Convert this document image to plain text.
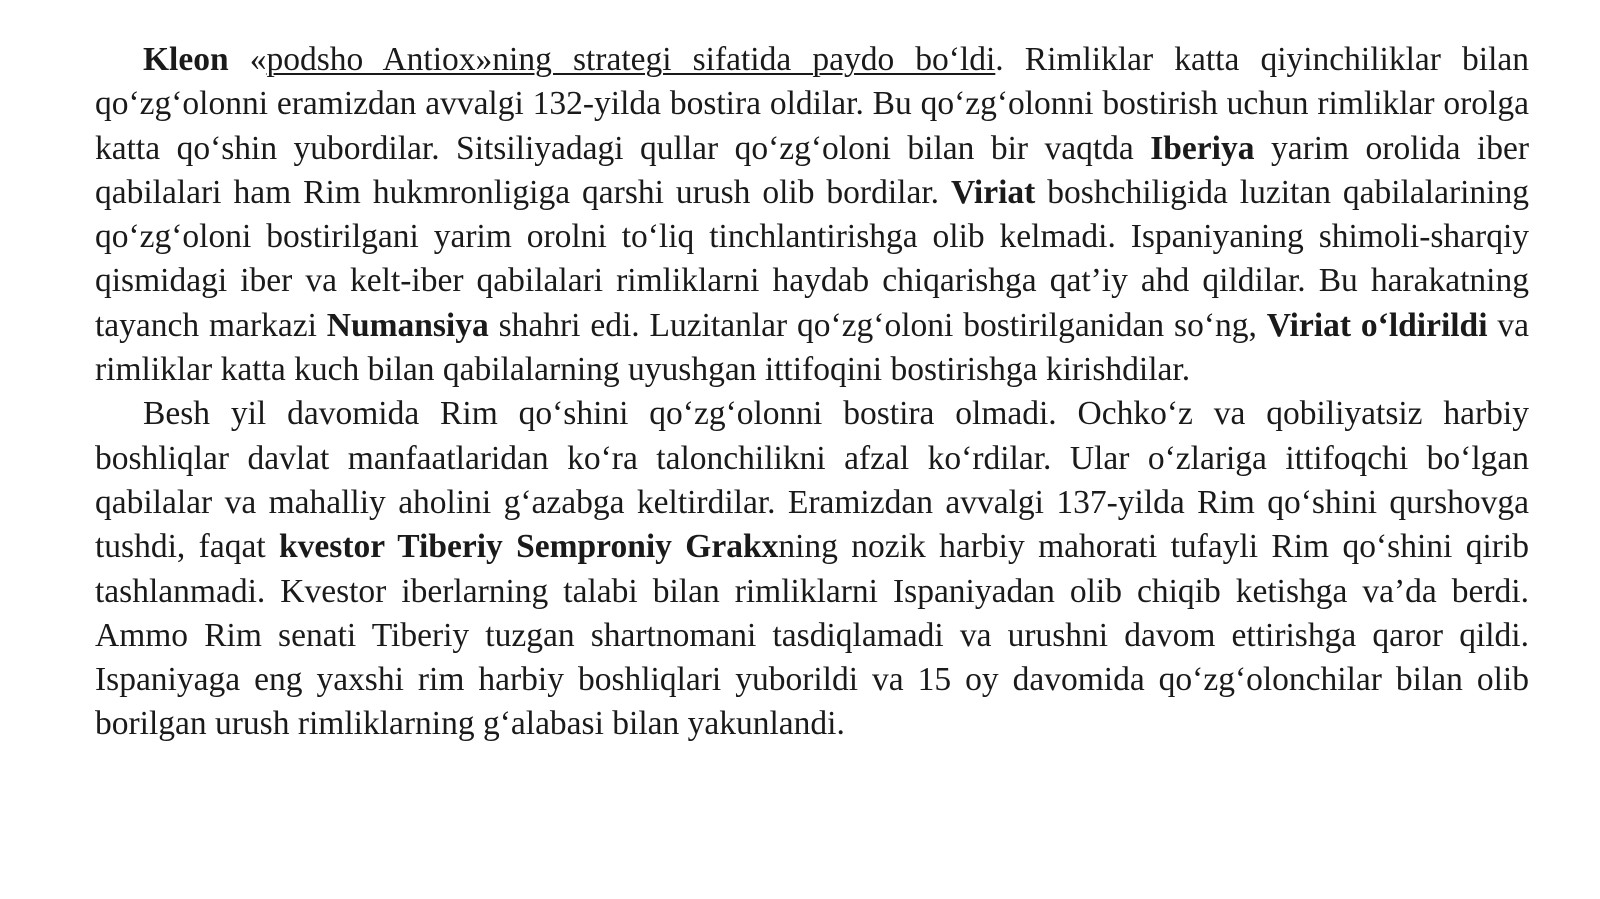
Kleon «podsho Antiox»ning strategi sifatida paydo bo‘ldi. Rimliklar katta qiyinchiliklar bilan qo‘zg‘olonni eramizdan avvalgi 132-yilda bostira oldilar. Bu qo‘zg‘olonni bostirish uchun rimliklar orolga katta qo‘shin yubordilar. Sitsiliyadagi qullar qo‘zg‘oloni bilan bir vaqtda Iberiya yarim orolida iber qabilalari ham Rim hukmronligiga qarshi urush olib bordilar. Viriat boshchiligida luzitan qabilalarining qo‘zg‘oloni bostirilgani yarim orolni to‘liq tinchlantirishga olib kelmadi. Ispaniyaning shimoli-sharqiy qismidagi iber va kelt-iber qabilalari rimliklarni haydab chiqarishga qat’iy ahd qildilar. Bu harakatning tayanch markazi Numansiya shahri edi. Luzitanlar qo‘zg‘oloni bostirilganidan so‘ng, Viriat o‘ldirildi va rimliklar katta kuch bilan qabilalarning uyushgan ittifoqini bostirishga kirishdilar.

Besh yil davomida Rim qo‘shini qo‘zg‘olonni bostira olmadi. Ochko‘z va qobiliyatsiz harbiy boshliqlar davlat manfaatlaridan ko‘ra talonchilikni afzal ko‘rdilar. Ular o‘zlariga ittifoqchi bo‘lgan qabilalar va mahalliy aholini g‘azabga keltirdilar. Eramizdan avvalgi 137-yilda Rim qo‘shini qurshovga tushdi, faqat kvestor Tiberiy Semproniy Grakxning nozik harbiy mahorati tufayli Rim qo‘shini qirib tashlanmadi. Kvestor iberlarning talabi bilan rimliklarni Ispaniyadan olib chiqib ketishga va’da berdi. Ammo Rim senati Tiberiy tuzgan shartnomani tasdiqlamadi va urushni davom ettirishga qaror qildi. Ispaniyaga eng yaxshi rim harbiy boshliqlari yuborildi va 15 oy davomida qo‘zg‘olonchilar bilan olib borilgan urush rimliklarning g‘alabasi bilan yakunlandi.
